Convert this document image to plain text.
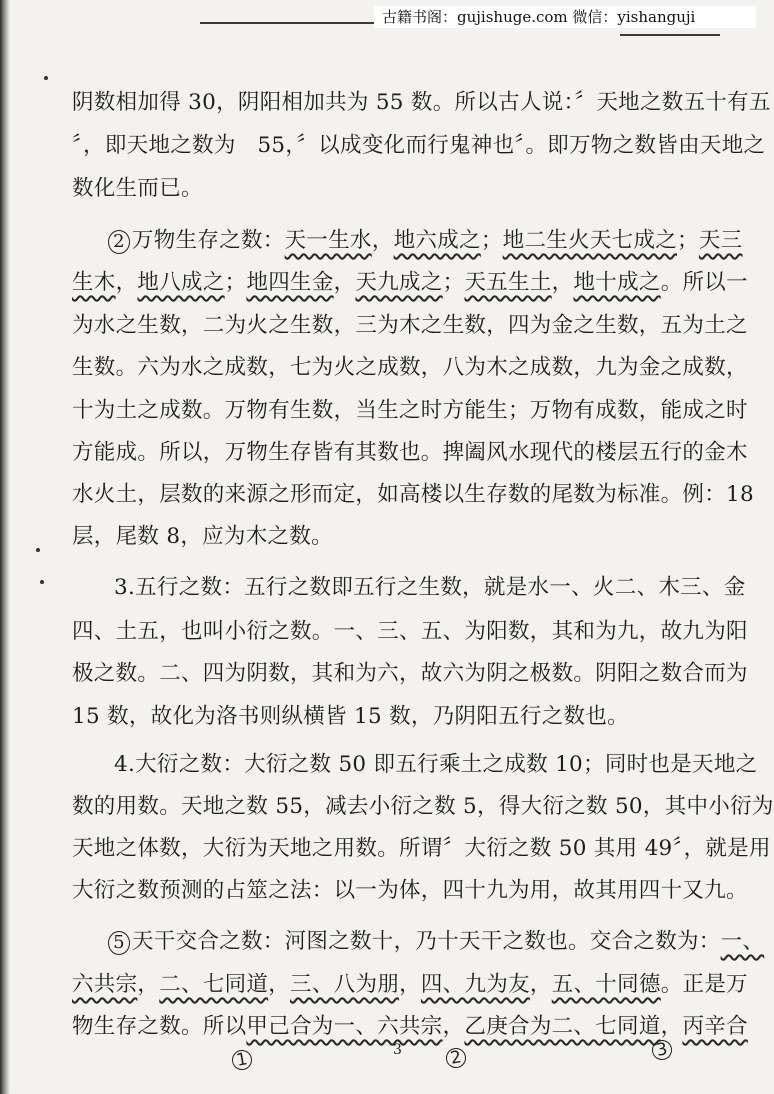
古籍书阁：gujishuge.com 微信：yishanguji
阴数相加得 30，阴阳相加共为 55 数。所以古人说：〞天地之数五十有五
〞，即天地之数为　55，〞以成变化而行鬼神也〞。即万物之数皆由天地之
数化生而已。
2 万物生存之数：天一生水，地六成之；地二生火天七成之；天三
生木，地八成之；地四生金，天九成之；天五生土，地十成之。所以一
为水之生数，二为火之生数，三为木之生数，四为金之生数，五为土之
生数。六为水之成数，七为火之成数，八为木之成数，九为金之成数，
十为土之成数。万物有生数，当生之时方能生；万物有成数，能成之时
方能成。所以，万物生存皆有其数也。捭阖风水现代的楼层五行的金木
水火土，层数的来源之形而定，如高楼以生存数的尾数为标准。例：18
层，尾数 8，应为木之数。
3.五行之数：五行之数即五行之生数，就是水一、火二、木三、金
四、土五，也叫小衍之数。一、三、五、为阳数，其和为九，故九为阳
极之数。二、四为阴数，其和为六，故六为阴之极数。阴阳之数合而为
15 数，故化为洛书则纵横皆 15 数，乃阴阳五行之数也。
4.大衍之数：大衍之数 50 即五行乘土之成数 10；同时也是天地之
数的用数。天地之数 55，减去小衍之数 5，得大衍之数 50，其中小衍为
天地之体数，大衍为天地之用数。所谓〞大衍之数 50 其用 49〞，就是用
大衍之数预测的占筮之法：以一为体，四十九为用，故其用四十又九。
5 天干交合之数：河图之数十，乃十天干之数也。交合之数为：一、
六共宗，二、七同道，三、八为朋，四、九为友，五、十同德。正是万
物生存之数。所以甲己合为一、六共宗，乙庚合为二、七同道，丙辛合
1	2	3
3
